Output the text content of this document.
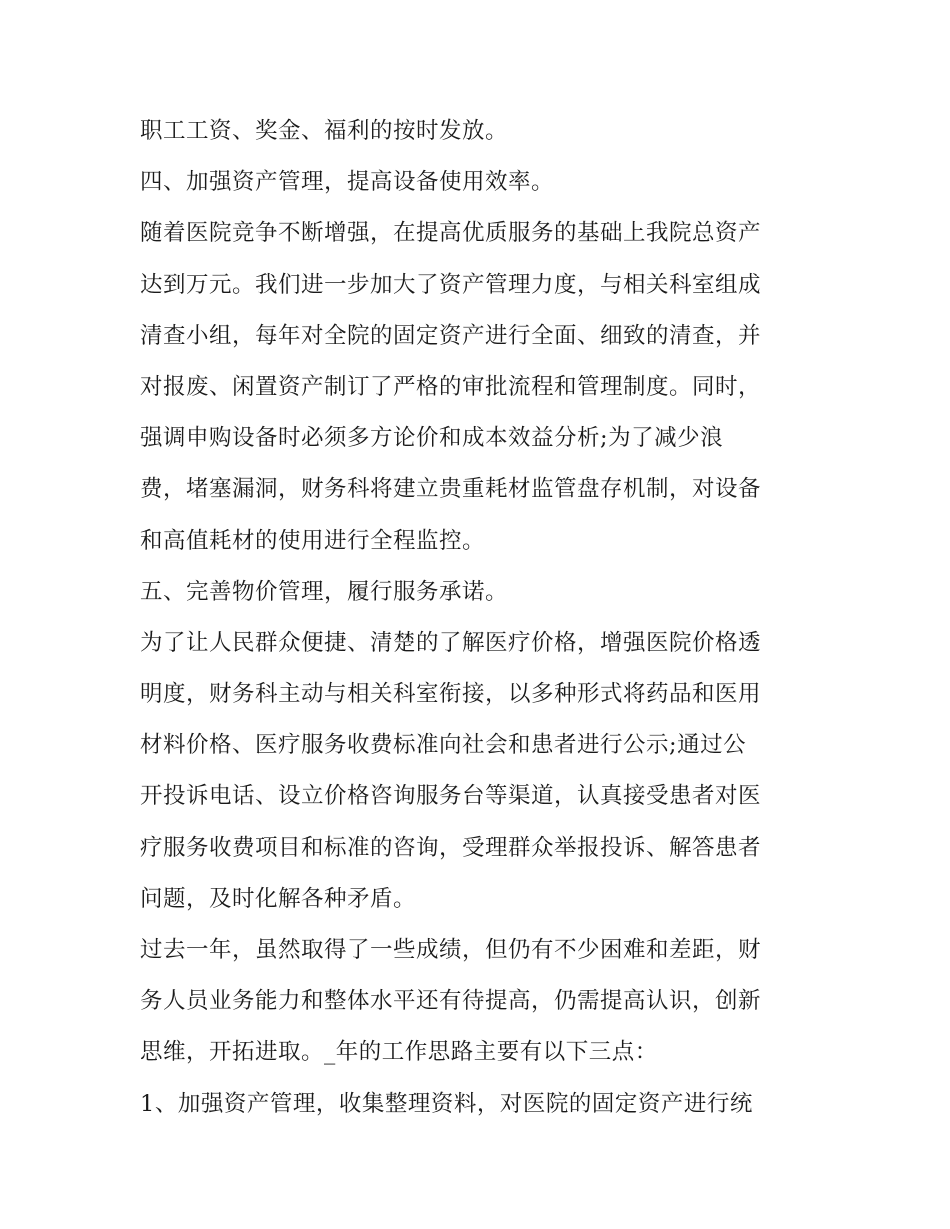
职工工资、奖金、福利的按时发放。
四、加强资产管理，提高设备使用效率。
随着医院竞争不断增强，在提高优质服务的基础上我院总资产
达到万元。我们进一步加大了资产管理力度，与相关科室组成
清查小组，每年对全院的固定资产进行全面、细致的清查，并
对报废、闲置资产制订了严格的审批流程和管理制度。同时，
强调申购设备时必须多方论价和成本效益分析;为了减少浪
费，堵塞漏洞，财务科将建立贵重耗材监管盘存机制，对设备
和高值耗材的使用进行全程监控。
五、完善物价管理，履行服务承诺。
为了让人民群众便捷、清楚的了解医疗价格，增强医院价格透
明度，财务科主动与相关科室衔接，以多种形式将药品和医用
材料价格、医疗服务收费标准向社会和患者进行公示;通过公
开投诉电话、设立价格咨询服务台等渠道，认真接受患者对医
疗服务收费项目和标准的咨询，受理群众举报投诉、解答患者
问题，及时化解各种矛盾。
过去一年，虽然取得了一些成绩，但仍有不少困难和差距，财
务人员业务能力和整体水平还有待提高，仍需提高认识，创新
思维，开拓进取。_年的工作思路主要有以下三点：
1、加强资产管理，收集整理资料，对医院的固定资产进行统
